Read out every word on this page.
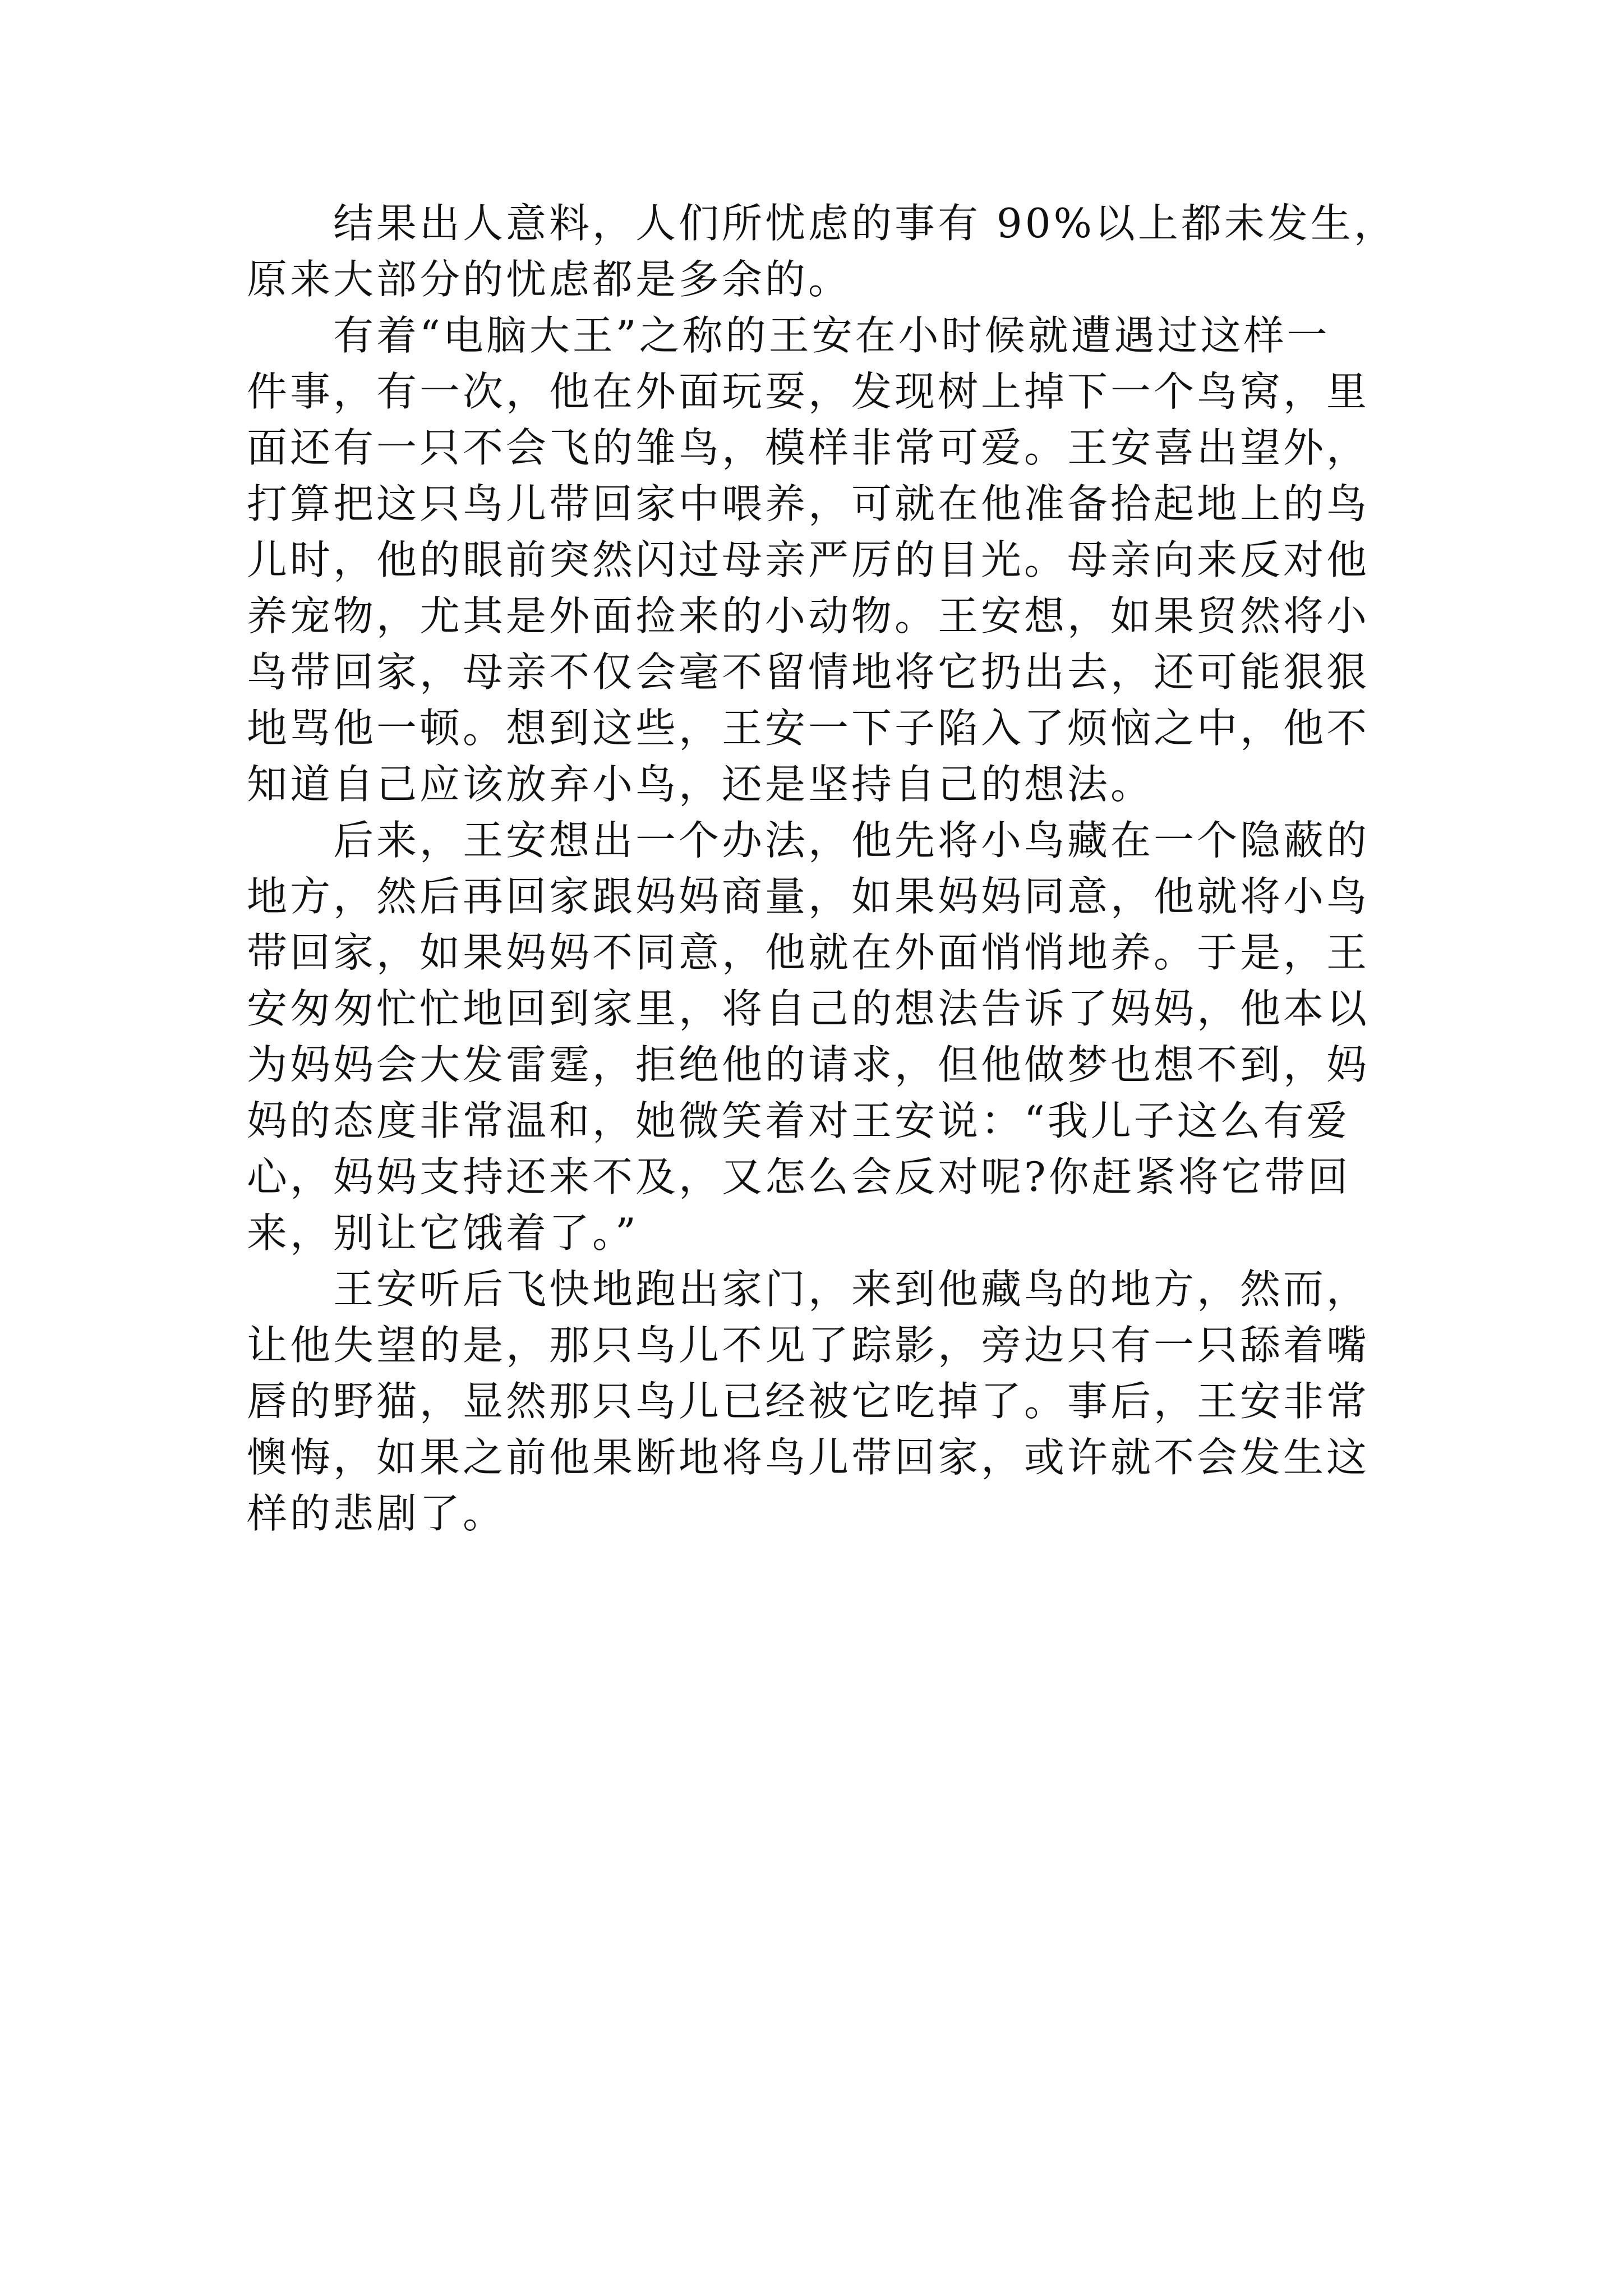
结果出人意料，人们所忧虑的事有 90%以上都未发生，
原来大部分的忧虑都是多余的。
有着“电脑大王”之称的王安在小时候就遭遇过这样一
件事，有一次，他在外面玩耍，发现树上掉下一个鸟窝，里
面还有一只不会飞的雏鸟，模样非常可爱。王安喜出望外，
打算把这只鸟儿带回家中喂养，可就在他准备拾起地上的鸟
儿时，他的眼前突然闪过母亲严厉的目光。母亲向来反对他
养宠物，尤其是外面捡来的小动物。王安想，如果贸然将小
鸟带回家，母亲不仅会毫不留情地将它扔出去，还可能狠狠
地骂他一顿。想到这些，王安一下子陷入了烦恼之中，他不
知道自己应该放弃小鸟，还是坚持自己的想法。
后来，王安想出一个办法，他先将小鸟藏在一个隐蔽的
地方，然后再回家跟妈妈商量，如果妈妈同意，他就将小鸟
带回家，如果妈妈不同意，他就在外面悄悄地养。于是，王
安匆匆忙忙地回到家里，将自己的想法告诉了妈妈，他本以
为妈妈会大发雷霆，拒绝他的请求，但他做梦也想不到，妈
妈的态度非常温和，她微笑着对王安说：“我儿子这么有爱
心，妈妈支持还来不及，又怎么会反对呢?你赶紧将它带回
来，别让它饿着了。”
王安听后飞快地跑出家门，来到他藏鸟的地方，然而，
让他失望的是，那只鸟儿不见了踪影，旁边只有一只舔着嘴
唇的野猫，显然那只鸟儿已经被它吃掉了。事后，王安非常
懊悔，如果之前他果断地将鸟儿带回家，或许就不会发生这
样的悲剧了。
